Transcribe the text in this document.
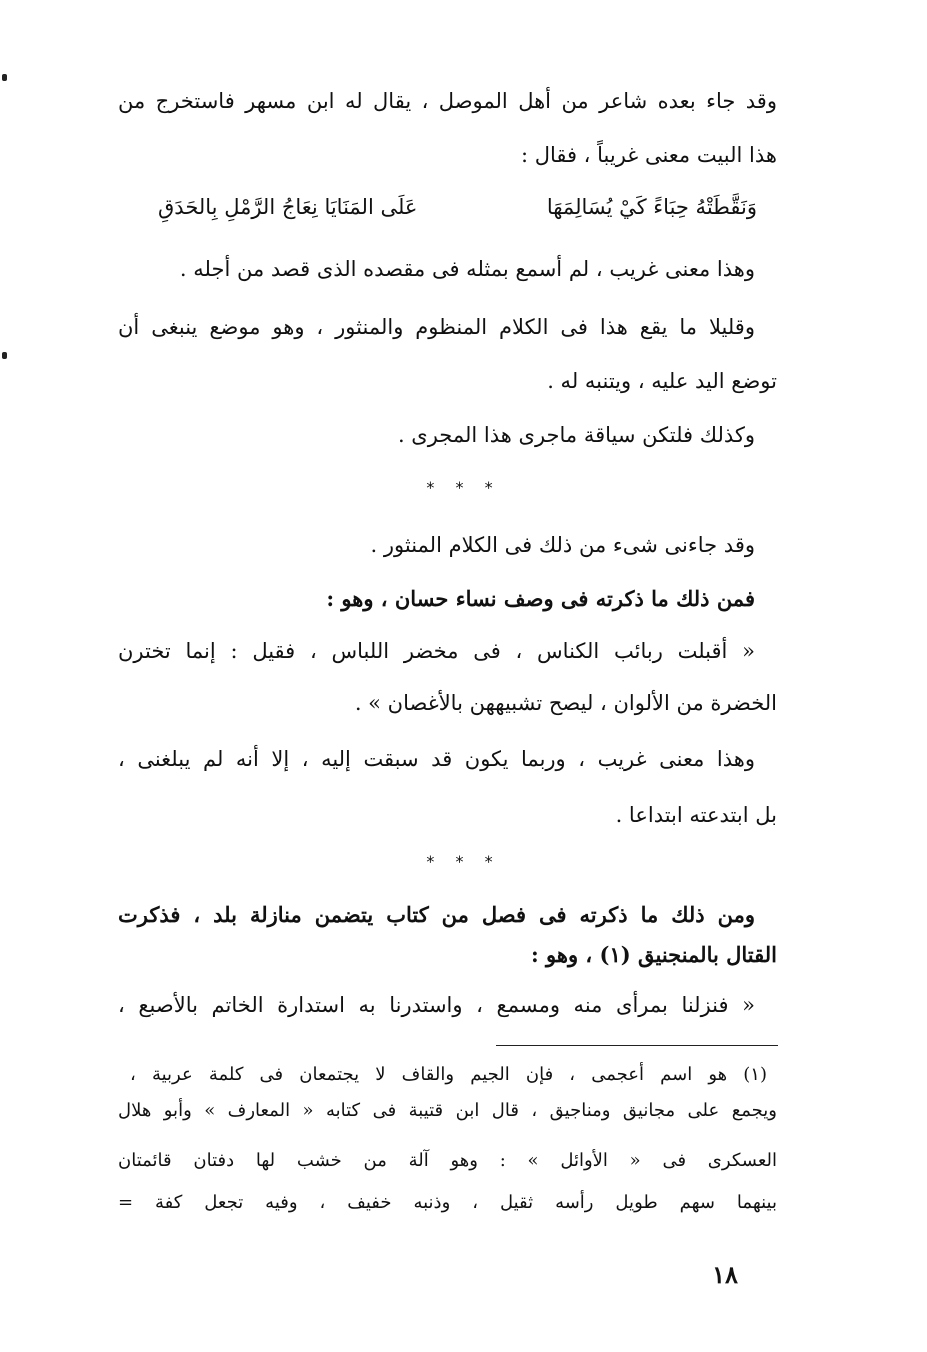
وقد جاء بعده شاعر من أهل الموصل ، يقال له ابن مسهر فاستخرج من
هذا البيت معنى غريباً ، فقال :
وَنَقَّطَتْهُ حِبَاءً كَيْ يُسَالِمَهَا
عَلَى المَنَايَا نِعَاجُ الرَّمْلِ بِالحَدَقِ
وهذا معنى غريب ، لم أسمع بمثله فى مقصده الذى قصد من أجله .
وقليلا ما يقع هذا فى الكلام المنظوم والمنثور ، وهو موضع ينبغى أن
توضع اليد عليه ، ويتنبه له .
وكذلك فلتكن سياقة ماجرى هذا المجرى .
* * *
وقد جاءنى شىء من ذلك فى الكلام المنثور .
فمن ذلك ما ذكرته فى وصف نساء حسان ، وهو :
« أقبلت ربائب الكناس ، فى مخضر اللباس ، فقيل : إنما تخترن
الخضرة من الألوان ، ليصح تشبيههن بالأغصان » .
وهذا معنى غريب ، وربما يكون قد سبقت إليه ، إلا أنه لم يبلغنى ،
بل ابتدعته ابتداعا .
* * *
ومن ذلك ما ذكرته فى فصل من كتاب يتضمن منازلة بلد ، فذكرت
القتال بالمنجنيق (١) ، وهو :
« فنزلنا بمرأى منه ومسمع ، واستدرنا به استدارة الخاتم بالأصبع ،
(١) هو اسم أعجمى ، فإن الجيم والقاف لا يجتمعان فى كلمة عربية ،
ويجمع على مجانيق ومناجيق ، قال ابن قتيبة فى كتابه « المعارف » وأبو هلال
العسكرى فى « الأوائل » : وهو آلة من خشب لها دفتان قائمتان
بينهما سهم طويل رأسه ثقيل ، وذنبه خفيف ، وفيه تجعل كفة =
١٨
